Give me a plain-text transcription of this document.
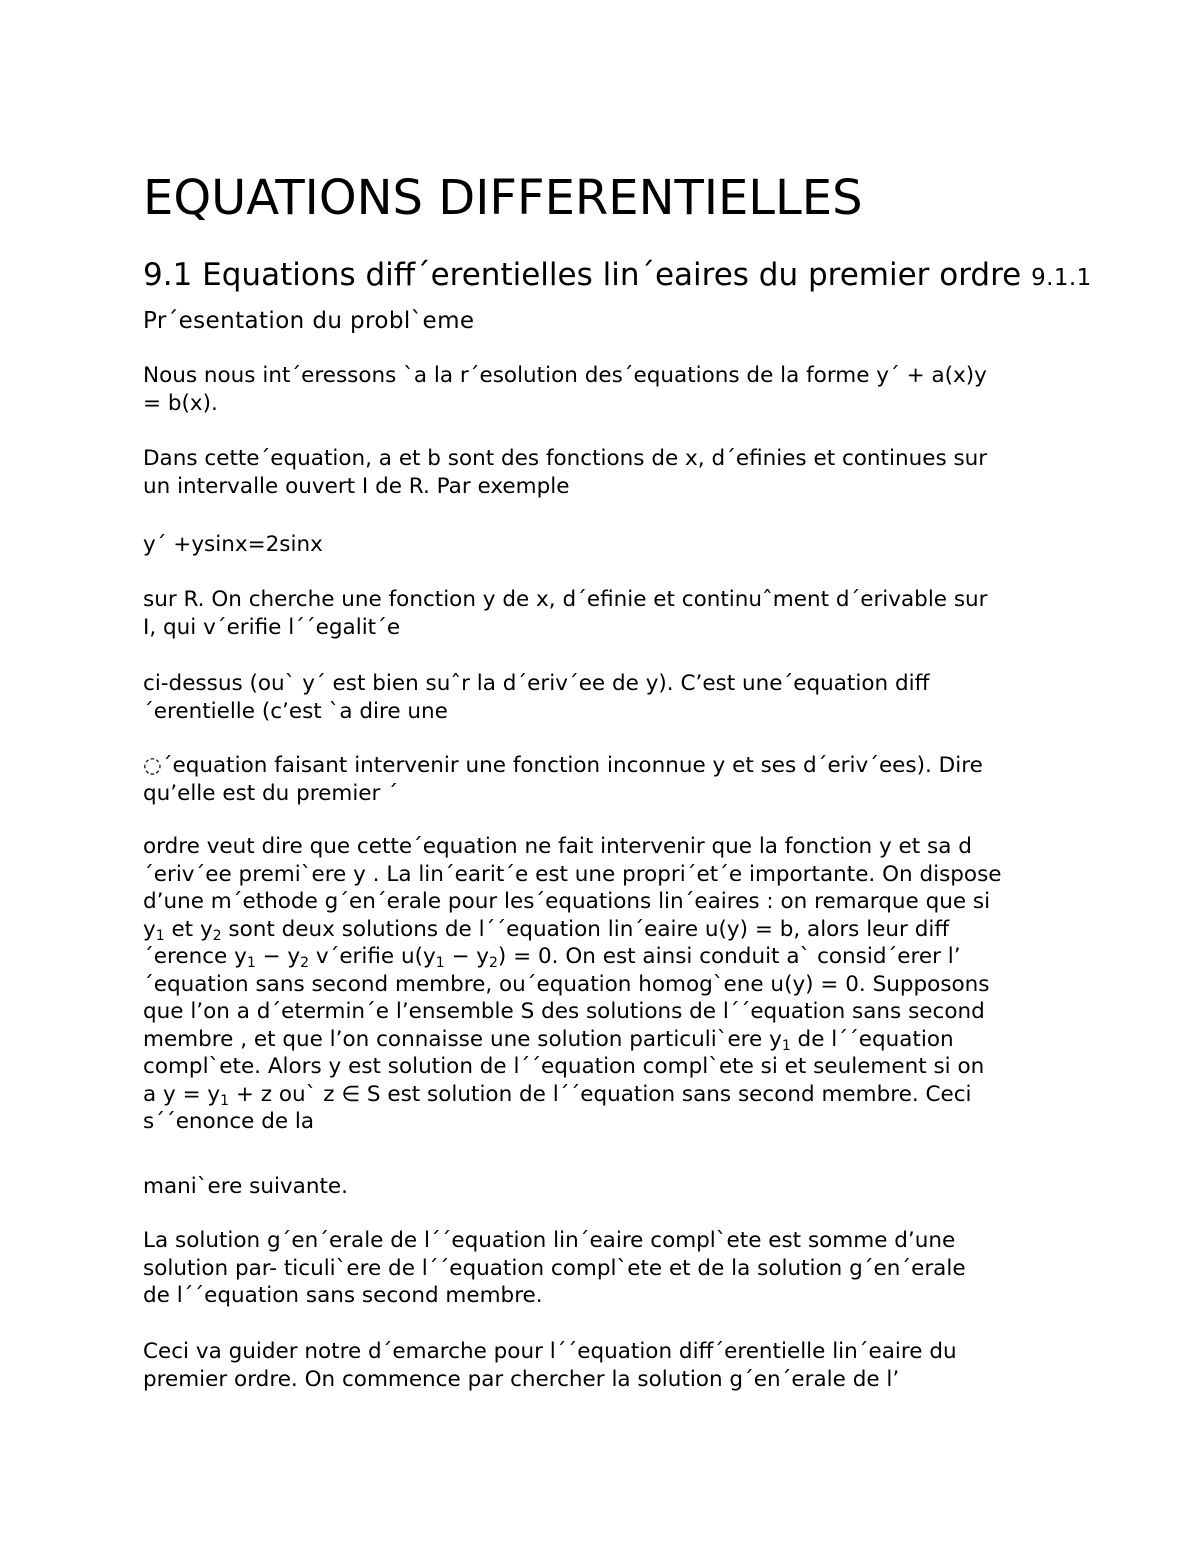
EQUATIONS DIFFERENTIELLES
9.1 Equations diff´erentielles lin´eaires du premier ordre 9.1.1 Pr´esentation du probl`eme

Nous nous int´eressons `a la r´esolution des´equations de la forme y´ + a(x)y
= b(x).

Dans cette´equation, a et b sont des fonctions de x, d´efinies et continues sur
un intervalle ouvert I de R. Par exemple

y´ +ysinx=2sinx

sur R. On cherche une fonction y de x, d´efinie et continuˆment d´erivable sur
I, qui v´erifie l´´egalit´e

ci-dessus (ou` y´ est bien suˆr la d´eriv´ee de y). C’est une´equation diff
´erentielle (c’est `a dire une

◌´equation faisant intervenir une fonction inconnue y et ses d´eriv´ees). Dire
qu’elle est du premier ´

ordre veut dire que cette´equation ne fait intervenir que la fonction y et sa d
´eriv´ee premi`ere y . La lin´earit´e est une propri´et´e importante. On dispose
d’une m´ethode g´en´erale pour les´equations lin´eaires : on remarque que si
$y_1$ et $y_2$ sont deux solutions de l´´equation lin´eaire u(y) = b, alors leur diff
´erence $y_1 - y_2$ v´erifie $u(y_1 - y_2) = 0$. On est ainsi conduit a` consid´erer l’
´equation sans second membre, ou´equation homog`ene u(y) = 0. Supposons
que l’on a d´etermin´e l’ensemble S des solutions de l´´equation sans second
membre , et que l’on connaisse une solution particuli`ere $y_1$ de l´´equation
compl`ete. Alors y est solution de l´´equation compl`ete si et seulement si on
a $y = y_1 + z$ ou` z ∈ S est solution de l´´equation sans second membre. Ceci
s´´enonce de la

mani`ere suivante.

La solution g´en´erale de l´´equation lin´eaire compl`ete est somme d’une
solution par- ticuli`ere de l´´equation compl`ete et de la solution g´en´erale
de l´´equation sans second membre.

Ceci va guider notre d´emarche pour l´´equation diff´erentielle lin´eaire du
premier ordre. On commence par chercher la solution g´en´erale de l’
